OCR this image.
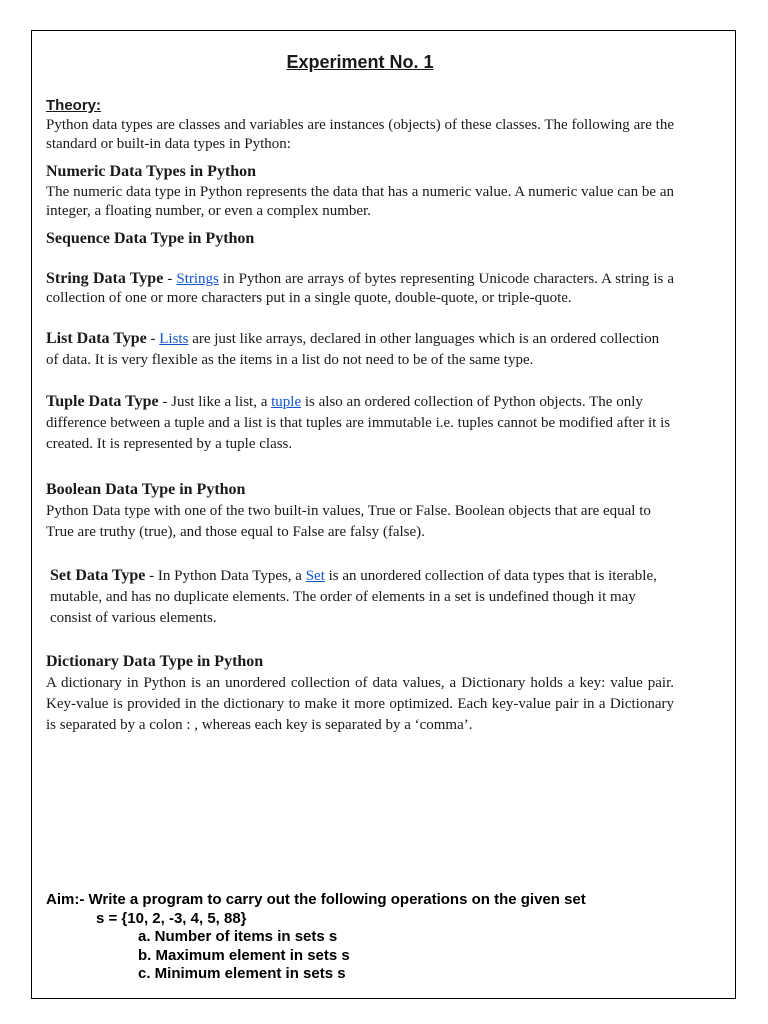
Experiment No. 1
Theory:

Python data types are classes and variables are instances (objects) of these classes. The following are the standard or built-in data types in Python:

Numeric Data Types in Python

The numeric data type in Python represents the data that has a numeric value. A numeric value can be an integer, a floating number, or even a complex number.

Sequence Data Type in Python

String Data Type - Strings in Python are arrays of bytes representing Unicode characters. A string is a collection of one or more characters put in a single quote, double-quote, or triple-quote.

List Data Type - Lists are just like arrays, declared in other languages which is an ordered collection of data. It is very flexible as the items in a list do not need to be of the same type.

Tuple Data Type - Just like a list, a tuple is also an ordered collection of Python objects. The only difference between a tuple and a list is that tuples are immutable i.e. tuples cannot be modified after it is created. It is represented by a tuple class.

Boolean Data Type in Python

Python Data type with one of the two built-in values, True or False. Boolean objects that are equal to True are truthy (true), and those equal to False are falsy (false).

Set Data Type - In Python Data Types, a Set is an unordered collection of data types that is iterable, mutable, and has no duplicate elements. The order of elements in a set is undefined though it may consist of various elements.

Dictionary Data Type in Python

A dictionary in Python is an unordered collection of data values, a Dictionary holds a key: value pair. Key-value is provided in the dictionary to make it more optimized. Each key-value pair in a Dictionary is separated by a colon : , whereas each key is separated by a ‘comma’.

Aim:- Write a program to carry out the following operations on the given set
s = {10, 2, -3, 4, 5, 88}
a. Number of items in sets s
b. Maximum element in sets s
c. Minimum element in sets s
